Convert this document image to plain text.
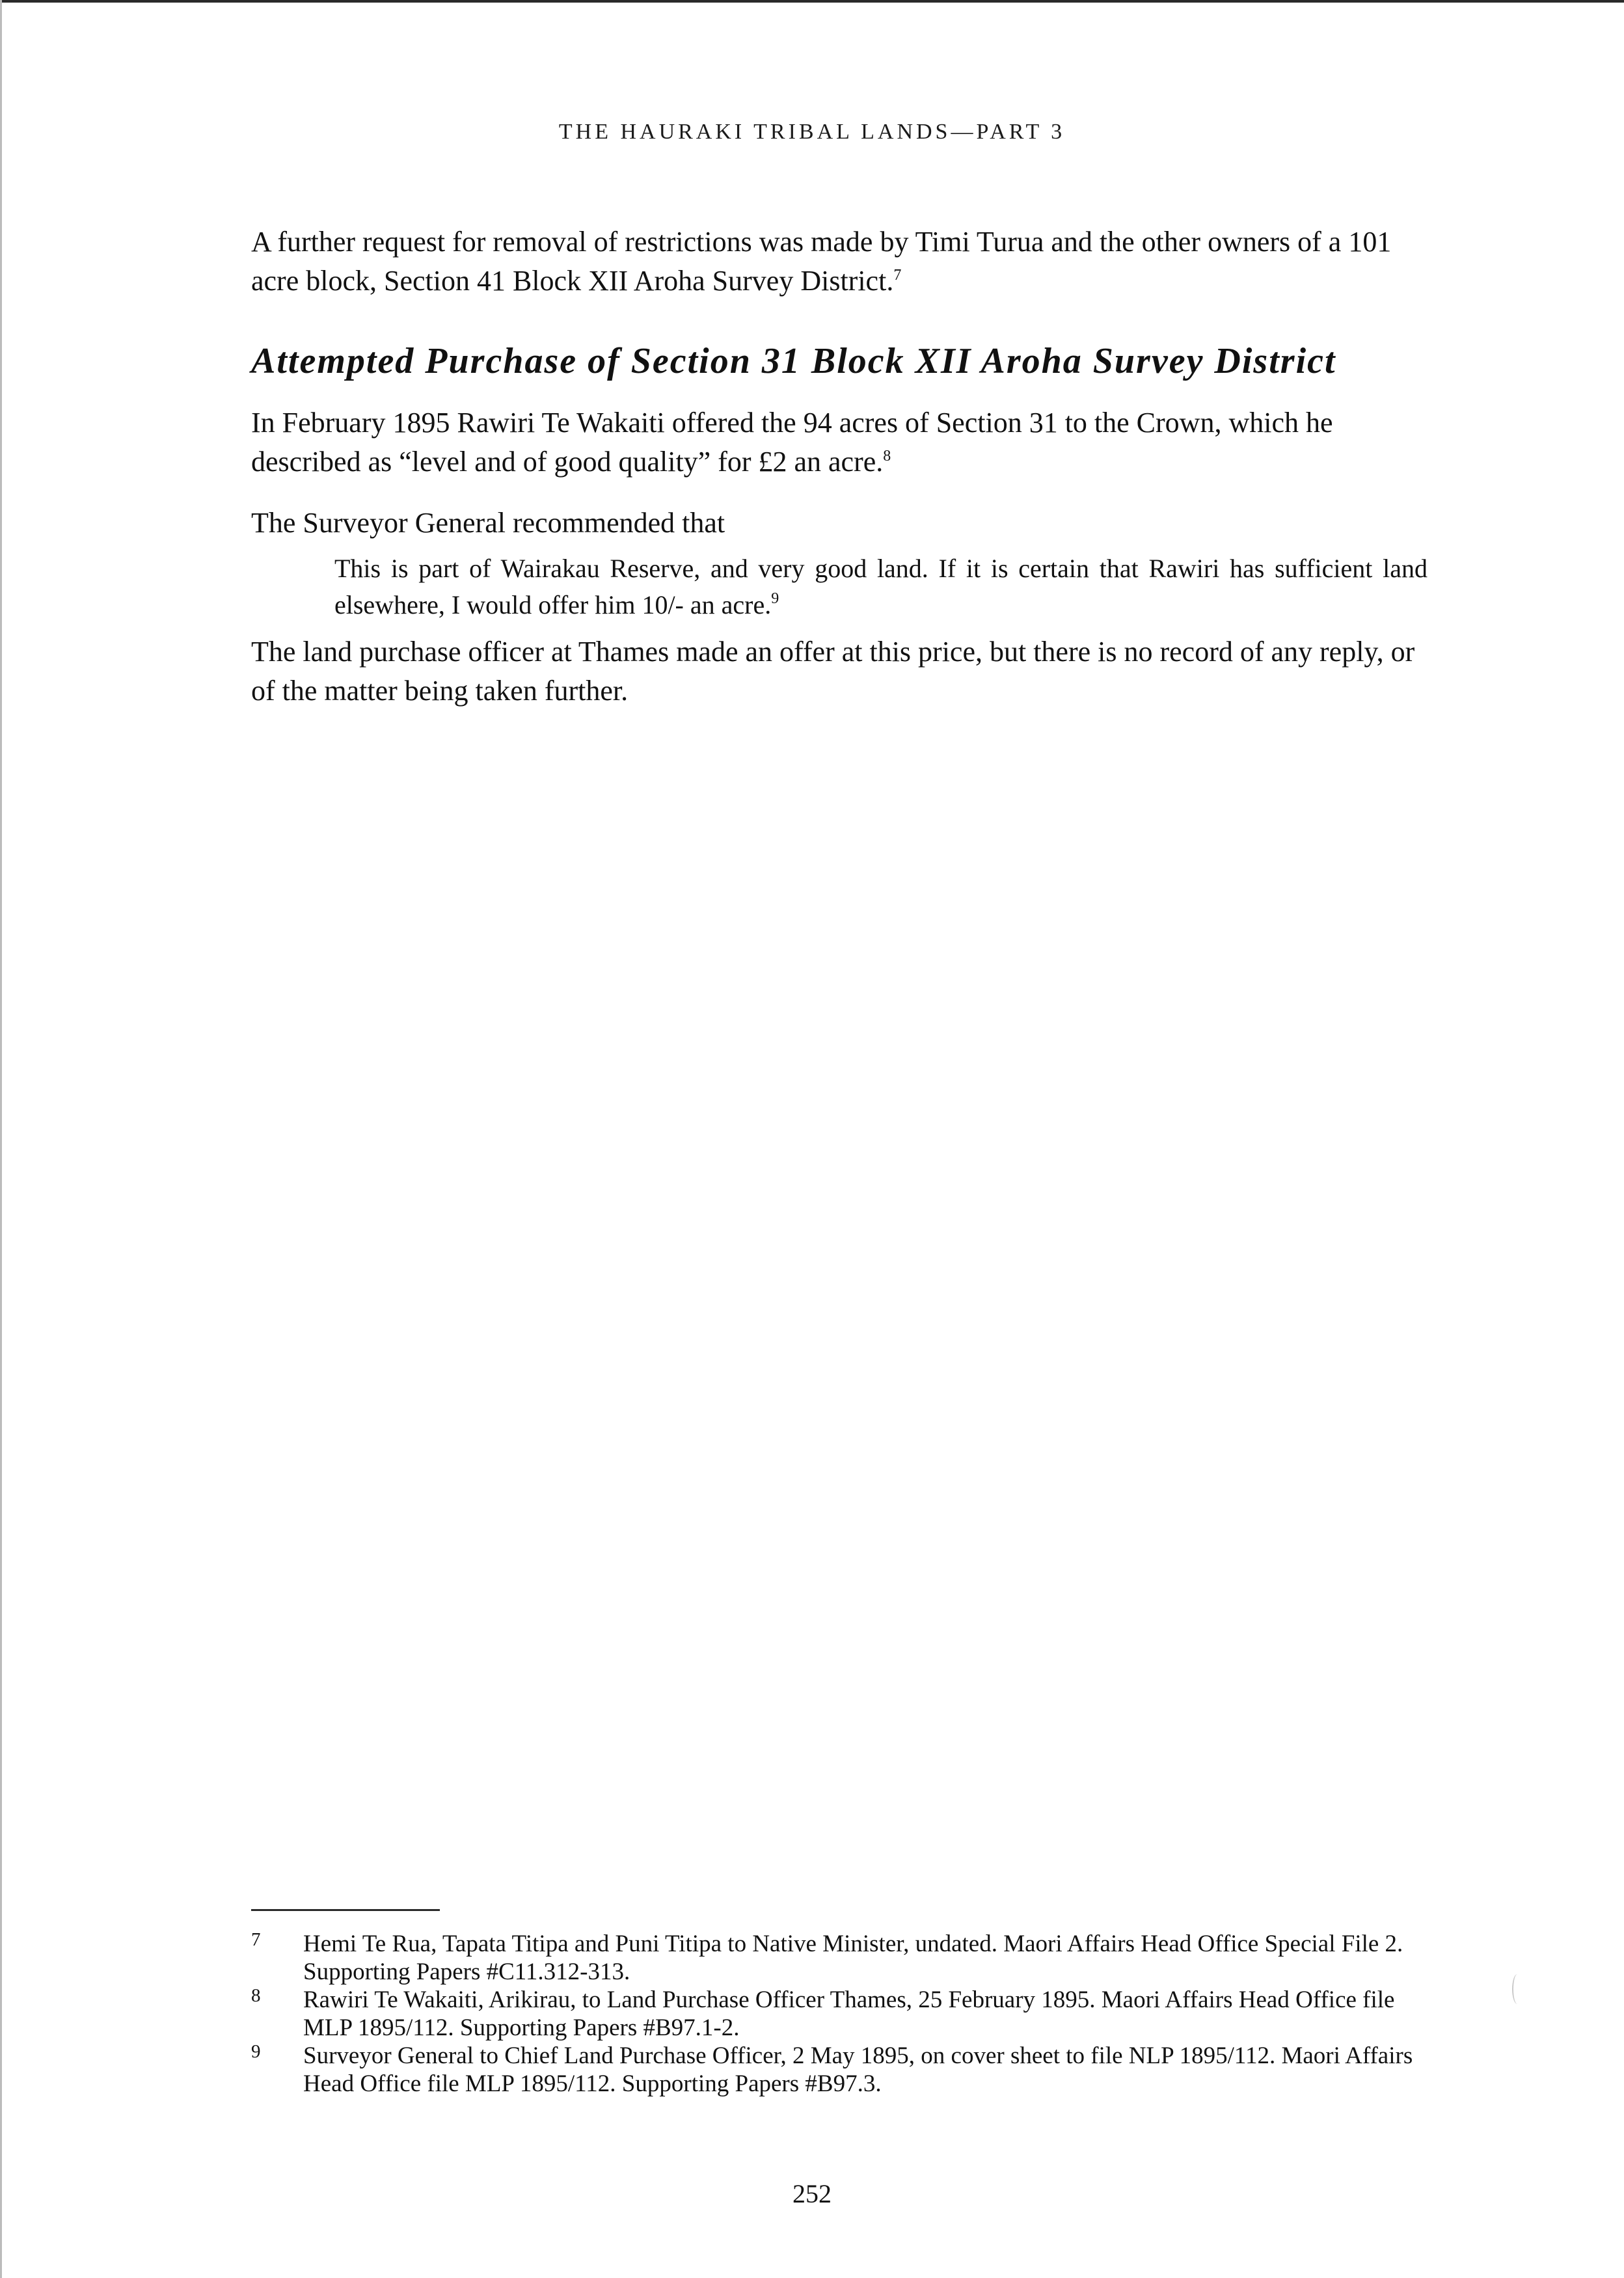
THE HAURAKI TRIBAL LANDS—PART 3

A further request for removal of restrictions was made by Timi Turua and the other owners of a 101 acre block, Section 41 Block XII Aroha Survey District.$^7$

Attempted Purchase of Section 31 Block XII Aroha Survey District

In February 1895 Rawiri Te Wakaiti offered the 94 acres of Section 31 to the Crown, which he described as “level and of good quality” for £2 an acre.$^8$

The Surveyor General recommended that

This is part of Wairakau Reserve, and very good land. If it is certain that Rawiri has sufficient land elsewhere, I would offer him 10/- an acre.$^9$

The land purchase officer at Thames made an offer at this price, but there is no record of any reply, or of the matter being taken further.

7 Hemi Te Rua, Tapata Titipa and Puni Titipa to Native Minister, undated. Maori Affairs Head Office Special File 2. Supporting Papers #C11.312-313.
8 Rawiri Te Wakaiti, Arikirau, to Land Purchase Officer Thames, 25 February 1895. Maori Affairs Head Office file MLP 1895/112. Supporting Papers #B97.1-2.
9 Surveyor General to Chief Land Purchase Officer, 2 May 1895, on cover sheet to file NLP 1895/112. Maori Affairs Head Office file MLP 1895/112. Supporting Papers #B97.3.
252
